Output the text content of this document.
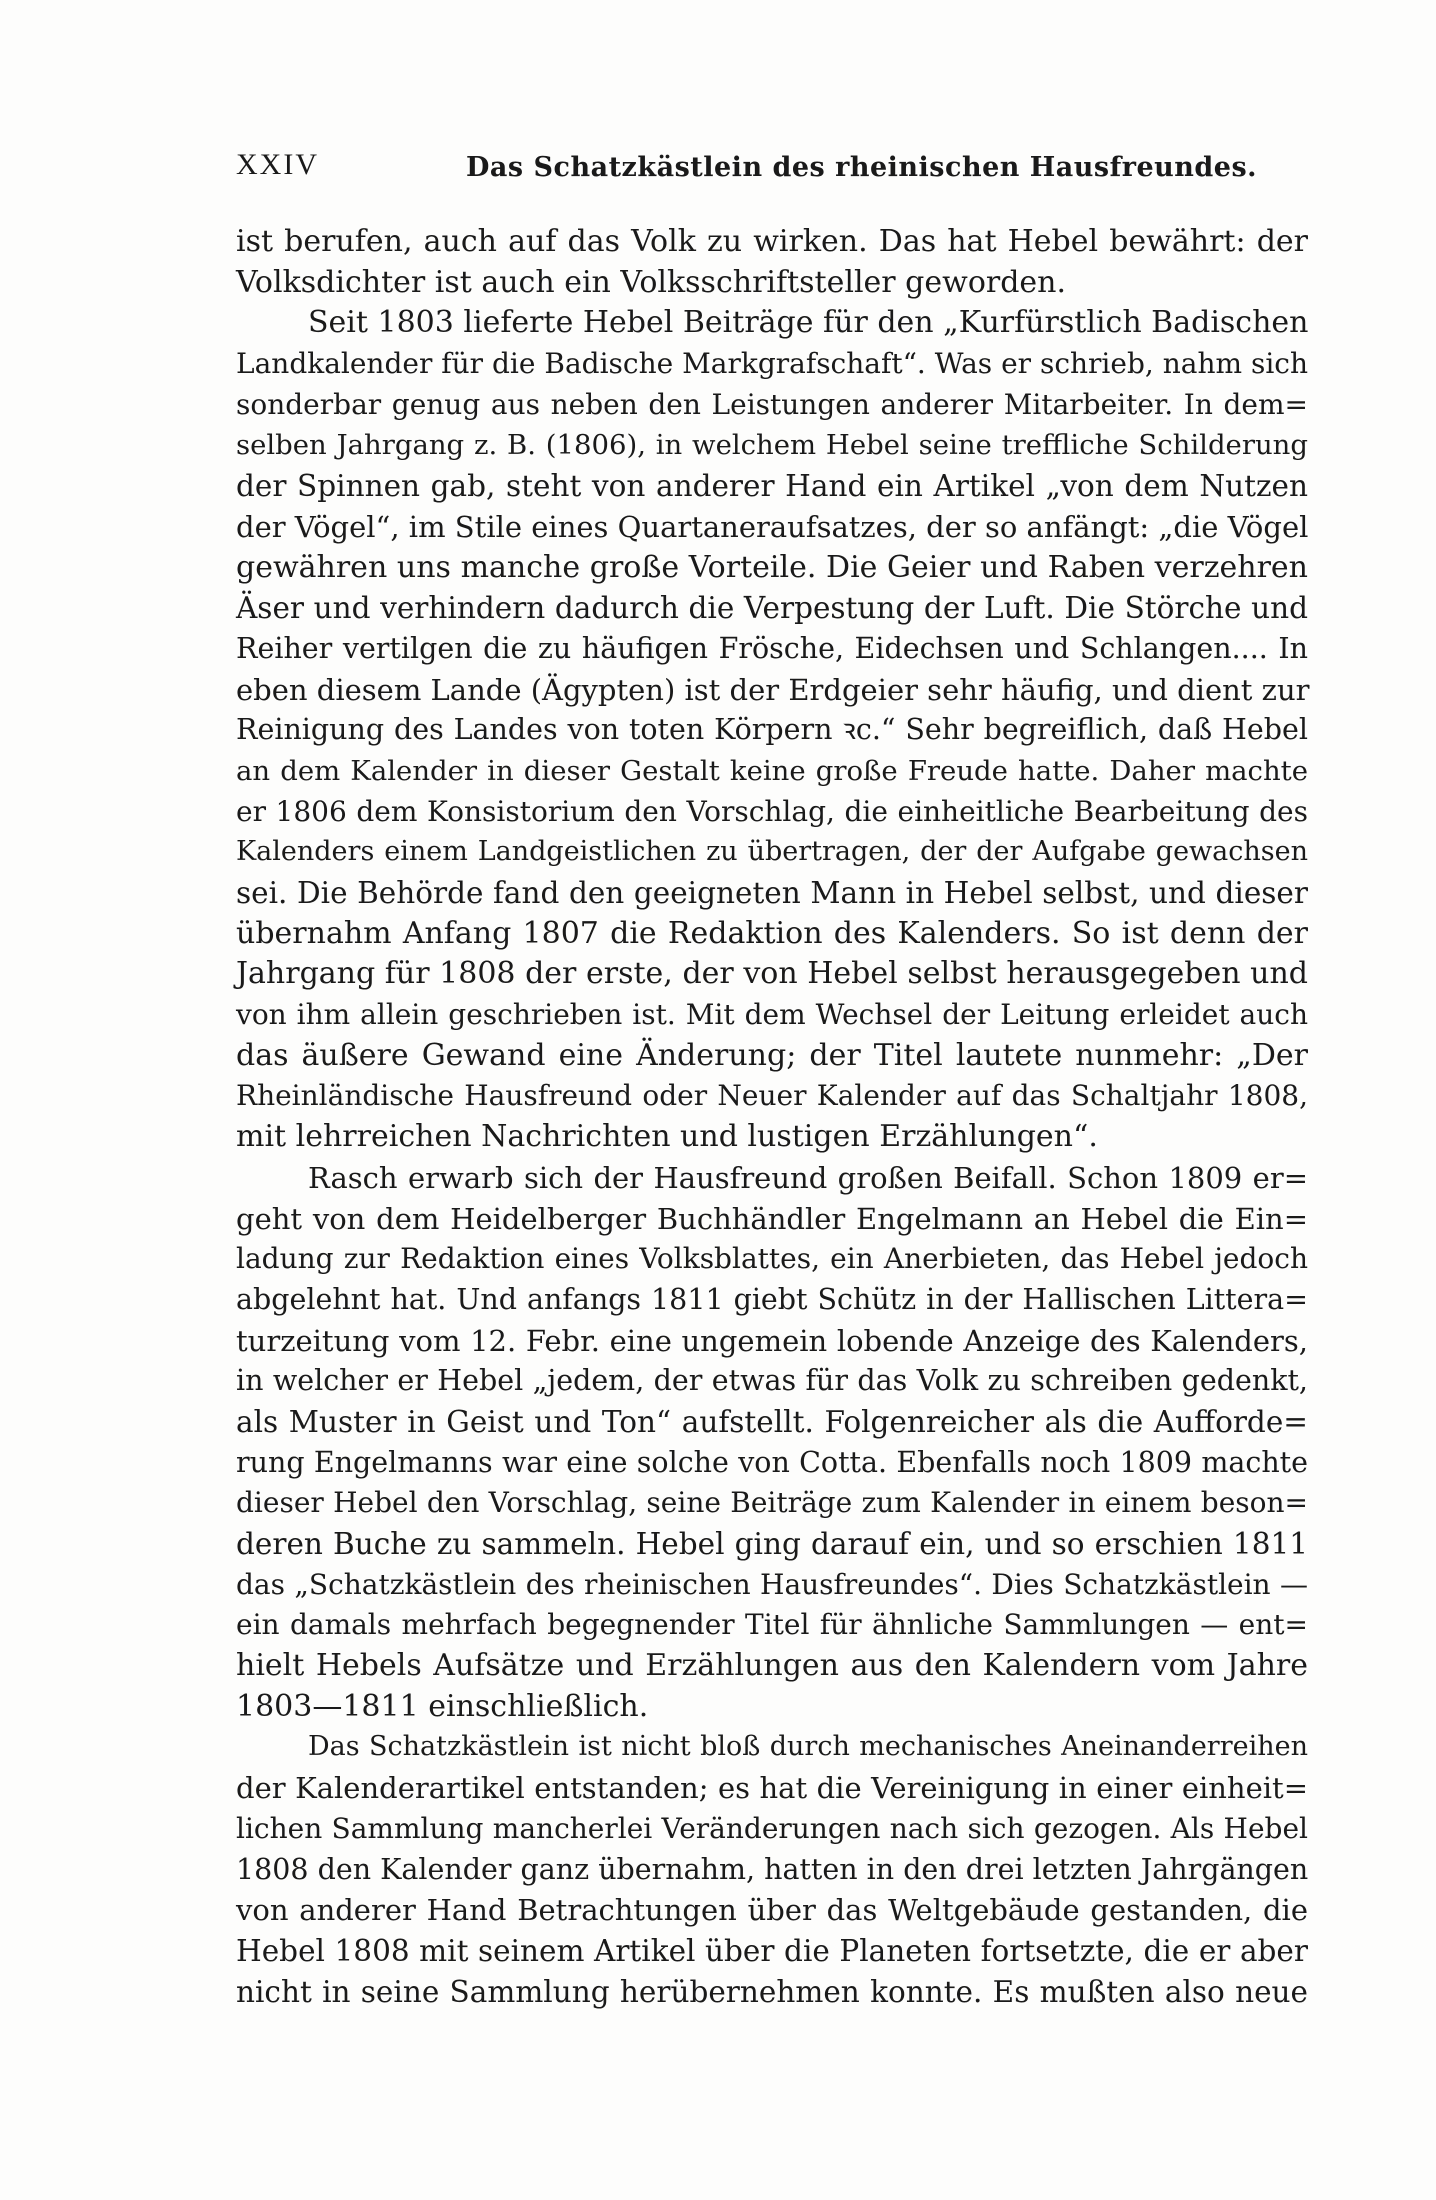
XXIV	Das Schatzkästlein des rheinischen Hausfreundes.
ist berufen, auch auf das Volk zu wirken. Das hat Hebel bewährt: der
Volksdichter ist auch ein Volksschriftsteller geworden.
Seit 1803 lieferte Hebel Beiträge für den „Kurfürstlich Badischen
Landkalender für die Badische Markgrafschaft“. Was er schrieb, nahm sich
sonderbar genug aus neben den Leistungen anderer Mitarbeiter. In dem=
selben Jahrgang z. B. (1806), in welchem Hebel seine treffliche Schilderung
der Spinnen gab, steht von anderer Hand ein Artikel „von dem Nutzen
der Vögel“, im Stile eines Quartaneraufsatzes, der so anfängt: „die Vögel
gewähren uns manche große Vorteile. Die Geier und Raben verzehren
Äser und verhindern dadurch die Verpestung der Luft. Die Störche und
Reiher vertilgen die zu häufigen Frösche, Eidechsen und Schlangen.... In
eben diesem Lande (Ägypten) ist der Erdgeier sehr häufig, und dient zur
Reinigung des Landes von toten Körpern ꝛc.“ Sehr begreiflich, daß Hebel
an dem Kalender in dieser Gestalt keine große Freude hatte. Daher machte
er 1806 dem Konsistorium den Vorschlag, die einheitliche Bearbeitung des
Kalenders einem Landgeistlichen zu übertragen, der der Aufgabe gewachsen
sei. Die Behörde fand den geeigneten Mann in Hebel selbst, und dieser
übernahm Anfang 1807 die Redaktion des Kalenders. So ist denn der
Jahrgang für 1808 der erste, der von Hebel selbst herausgegeben und
von ihm allein geschrieben ist. Mit dem Wechsel der Leitung erleidet auch
das äußere Gewand eine Änderung; der Titel lautete nunmehr: „Der
Rheinländische Hausfreund oder Neuer Kalender auf das Schaltjahr 1808,
mit lehrreichen Nachrichten und lustigen Erzählungen“.
Rasch erwarb sich der Hausfreund großen Beifall. Schon 1809 er=
geht von dem Heidelberger Buchhändler Engelmann an Hebel die Ein=
ladung zur Redaktion eines Volksblattes, ein Anerbieten, das Hebel jedoch
abgelehnt hat. Und anfangs 1811 giebt Schütz in der Hallischen Littera=
turzeitung vom 12. Febr. eine ungemein lobende Anzeige des Kalenders,
in welcher er Hebel „jedem, der etwas für das Volk zu schreiben gedenkt,
als Muster in Geist und Ton“ aufstellt. Folgenreicher als die Aufforde=
rung Engelmanns war eine solche von Cotta. Ebenfalls noch 1809 machte
dieser Hebel den Vorschlag, seine Beiträge zum Kalender in einem beson=
deren Buche zu sammeln. Hebel ging darauf ein, und so erschien 1811
das „Schatzkästlein des rheinischen Hausfreundes“. Dies Schatzkästlein —
ein damals mehrfach begegnender Titel für ähnliche Sammlungen — ent=
hielt Hebels Aufsätze und Erzählungen aus den Kalendern vom Jahre
1803—1811 einschließlich.
Das Schatzkästlein ist nicht bloß durch mechanisches Aneinanderreihen
der Kalenderartikel entstanden; es hat die Vereinigung in einer einheit=
lichen Sammlung mancherlei Veränderungen nach sich gezogen. Als Hebel
1808 den Kalender ganz übernahm, hatten in den drei letzten Jahrgängen
von anderer Hand Betrachtungen über das Weltgebäude gestanden, die
Hebel 1808 mit seinem Artikel über die Planeten fortsetzte, die er aber
nicht in seine Sammlung herübernehmen konnte. Es mußten also neue
